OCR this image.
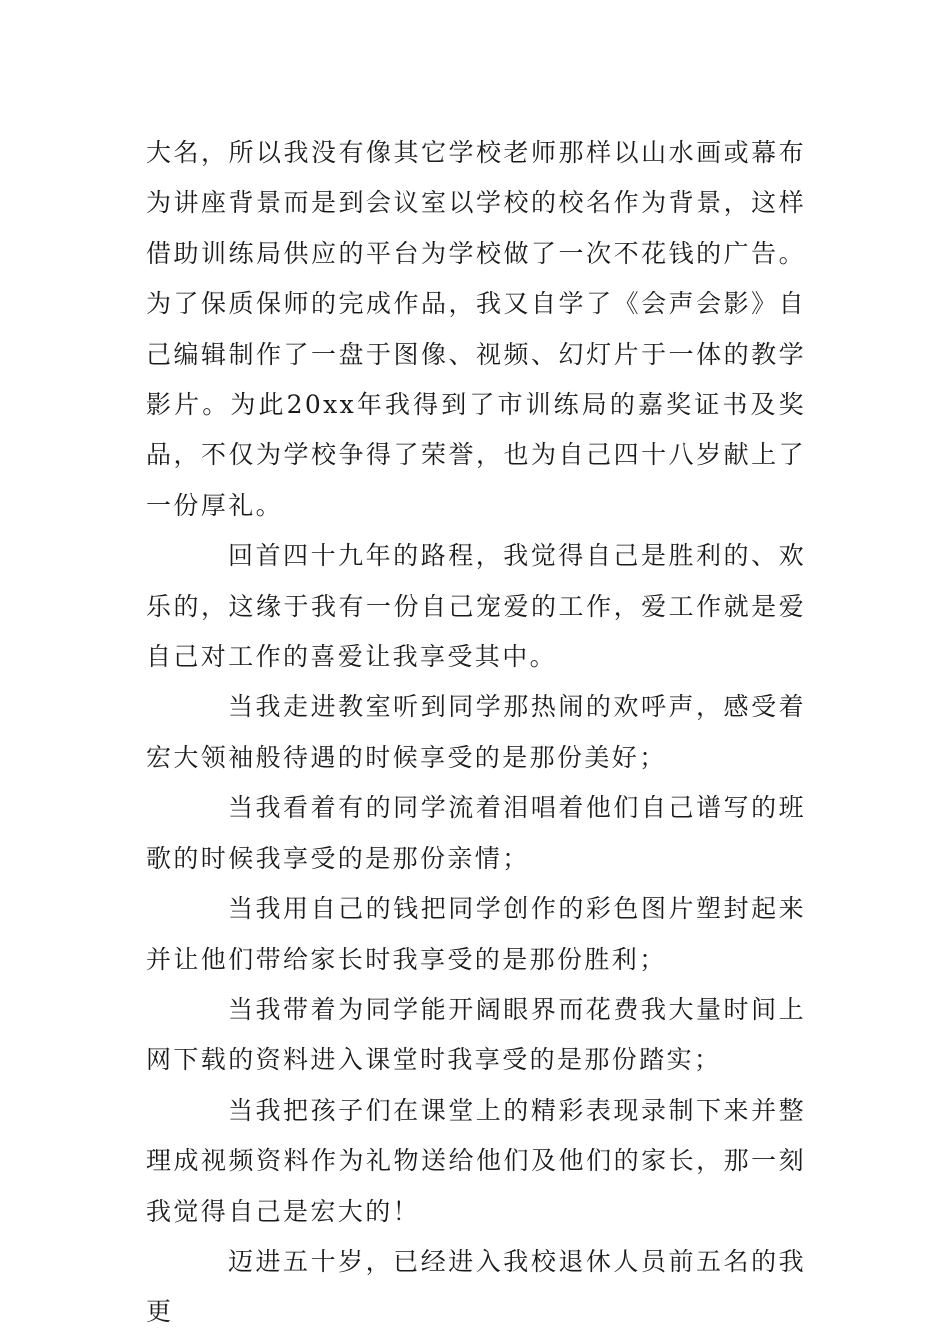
大名，所以我没有像其它学校老师那样以山水画或幕布为讲座背景而是到会议室以学校的校名作为背景，这样借助训练局供应的平台为学校做了一次不花钱的广告。为了保质保师的完成作品，我又自学了《会声会影》自己编辑制作了一盘于图像、视频、幻灯片于一体的教学影片。为此20xx年我得到了市训练局的嘉奖证书及奖品，不仅为学校争得了荣誉，也为自己四十八岁献上了一份厚礼。

回首四十九年的路程，我觉得自己是胜利的、欢乐的，这缘于我有一份自己宠爱的工作，爱工作就是爱自己对工作的喜爱让我享受其中。

当我走进教室听到同学那热闹的欢呼声，感受着宏大领袖般待遇的时候享受的是那份美好；

当我看着有的同学流着泪唱着他们自己谱写的班歌的时候我享受的是那份亲情；

当我用自己的钱把同学创作的彩色图片塑封起来并让他们带给家长时我享受的是那份胜利；

当我带着为同学能开阔眼界而花费我大量时间上网下载的资料进入课堂时我享受的是那份踏实；

当我把孩子们在课堂上的精彩表现录制下来并整理成视频资料作为礼物送给他们及他们的家长，那一刻我觉得自己是宏大的！

迈进五十岁，已经进入我校退休人员前五名的我更
